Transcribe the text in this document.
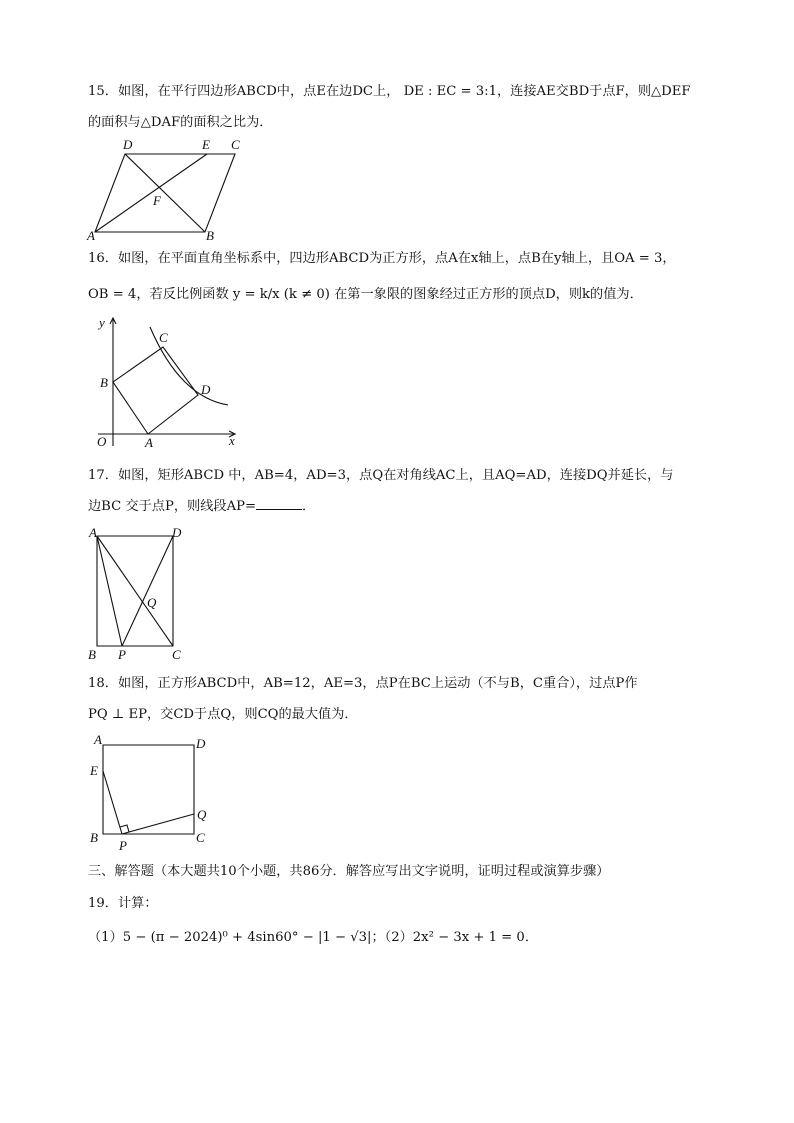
15．如图，在平行四边形ABCD中，点E在边DC上， DE : EC = 3:1，连接AE交BD于点F，则△DEF
的面积与△DAF的面积之比为．
A	B
C
D	E
F
16．如图，在平面直角坐标系中，四边形ABCD为正方形，点A在x轴上，点B在y轴上，且OA = 3，
OB = 4，若反比例函数 y = k/x (k ≠ 0) 在第一象限的图象经过正方形的顶点D，则k的值为．
y
x
O	A
B
C
D
17．如图，矩形ABCD 中，AB=4，AD=3，点Q在对角线AC上，且AQ=AD，连接DQ并延长，与
边BC 交于点P，则线段AP=	．
A	D
B P	C
Q
18．如图，正方形ABCD中，AB=12，AE=3，点P在BC上运动（不与B，C重合），过点P作
PQ ⊥ EP，交CD于点Q，则CQ的最大值为．
A	D
E
Q
B
P
C
三、解答题（本大题共10个小题，共86分．解答应写出文字说明，证明过程或演算步骤）
19．计算：
（1）5 − (π − 2024)⁰ + 4sin60° − |1 − √3|；（2）2x² − 3x + 1 = 0．
